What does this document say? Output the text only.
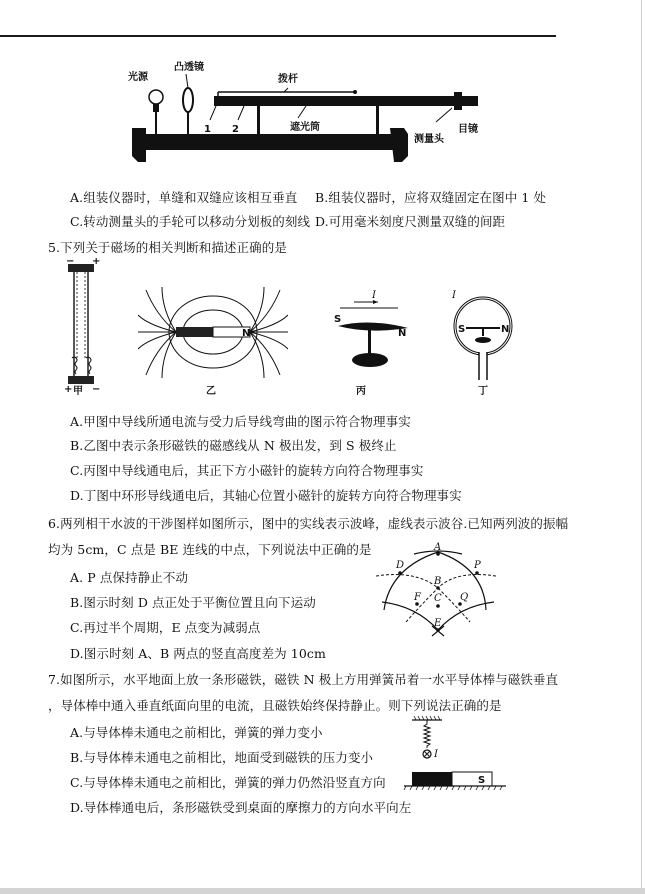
光源
凸透镜
拨杆
遮光筒
测量头
目镜
1 2
A.组装仪器时，单缝和双缝应该相互垂直 B.组装仪器时，应将双缝固定在图中 1 处
C.转动测量头的手轮可以移动分划板的刻线 D.可用毫米刻度尺测量双缝的间距
5.下列关于磁场的相关判断和描述正确的是
− +
+ −
甲
N
乙
I
S
N
丙
S	N
I
丁
A.甲图中导线所通电流与受力后导线弯曲的图示符合物理事实
B.乙图中表示条形磁铁的磁感线从 N 极出发，到 S 极终止
C.丙图中导线通电后，其正下方小磁针的旋转方向符合物理事实
D.丁图中环形导线通电后，其轴心位置小磁针的旋转方向符合物理事实
6.两列相干水波的干涉图样如图所示，图中的实线表示波峰，虚线表示波谷.已知两列波的振幅
均为 5cm，C 点是 BE 连线的中点，下列说法中正确的是	A
D	P
B
C
F	Q
E
A. P 点保持静止不动
B.图示时刻 D 点正处于平衡位置且向下运动
C.再过半个周期，E 点变为减弱点
D.图示时刻 A、B 两点的竖直高度差为 10cm
7.如图所示，水平地面上放一条形磁铁，磁铁 N 极上方用弹簧吊着一水平导体棒与磁铁垂直
，导体棒中通入垂直纸面向里的电流，且磁铁始终保持静止。则下列说法正确的是
I
S
A.与导体棒未通电之前相比，弹簧的弹力变小
B.与导体棒未通电之前相比，地面受到磁铁的压力变小
C.与导体棒未通电之前相比，弹簧的弹力仍然沿竖直方向
D.导体棒通电后，条形磁铁受到桌面的摩擦力的方向水平向左
